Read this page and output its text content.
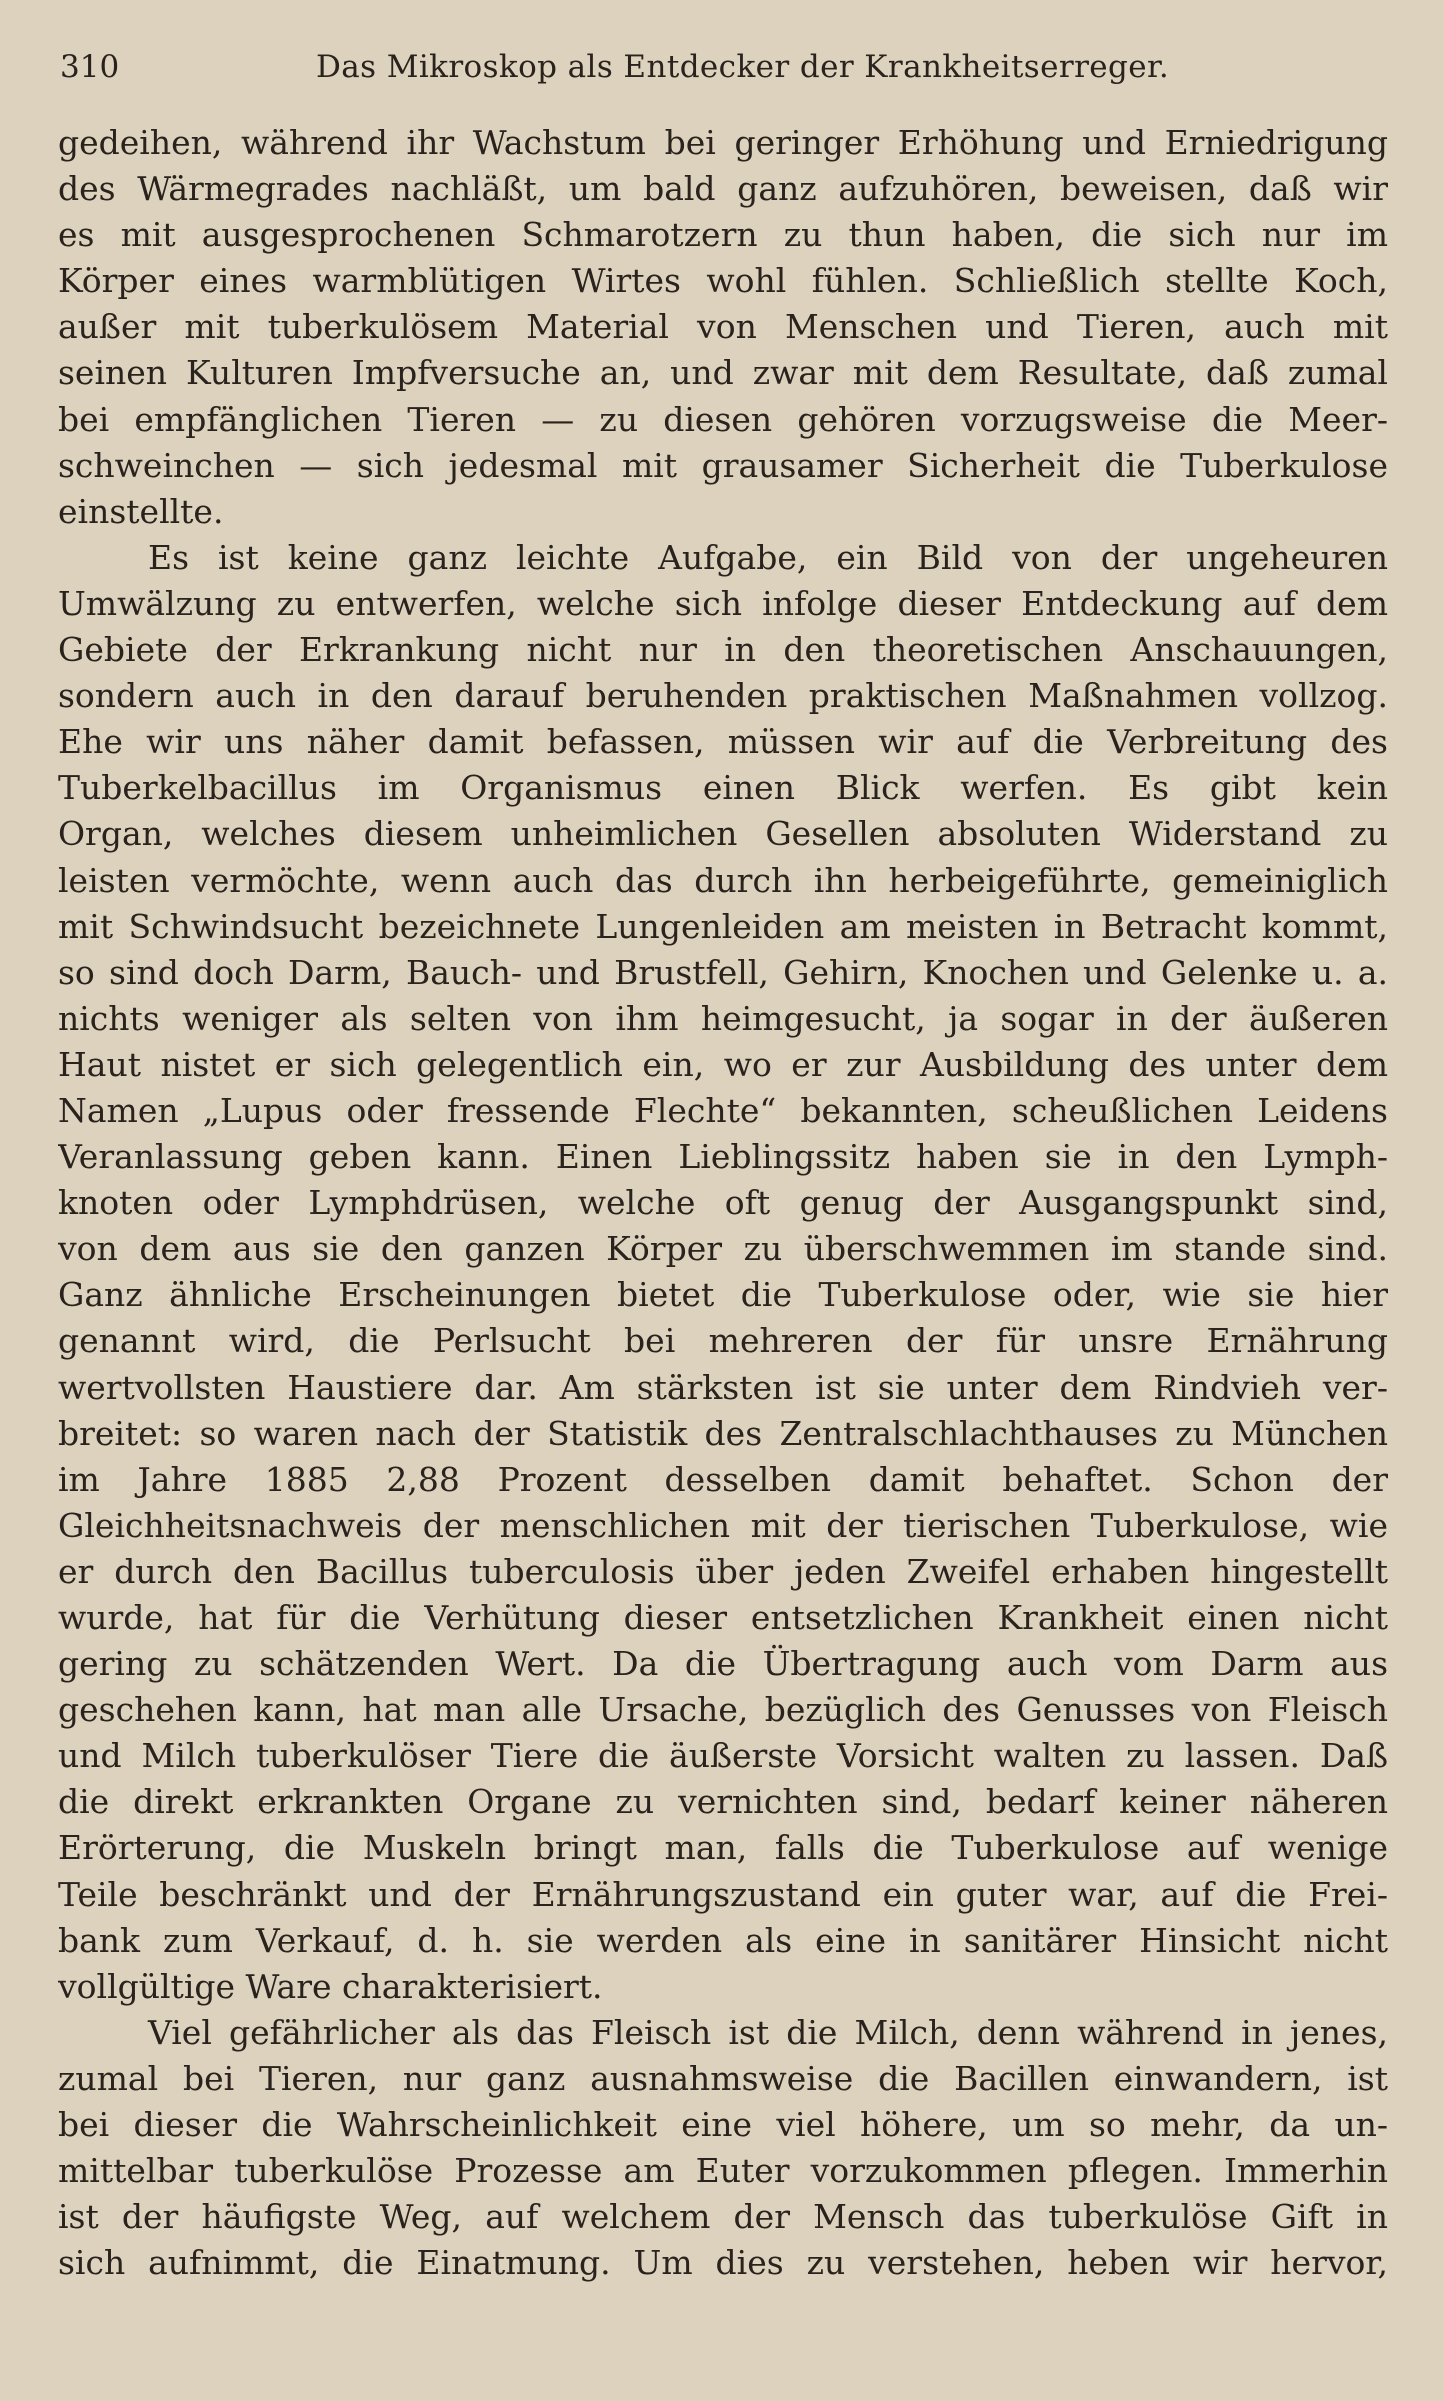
310	Das Mikroskop als Entdecker der Krankheitserreger.
gedeihen, während ihr Wachstum bei geringer Erhöhung und Erniedrigung
des Wärmegrades nachläßt, um bald ganz aufzuhören, beweisen, daß wir
es mit ausgesprochenen Schmarotzern zu thun haben, die sich nur im
Körper eines warmblütigen Wirtes wohl fühlen. Schließlich stellte Koch,
außer mit tuberkulösem Material von Menschen und Tieren, auch mit
seinen Kulturen Impfversuche an, und zwar mit dem Resultate, daß zumal
bei empfänglichen Tieren — zu diesen gehören vorzugsweise die Meer-
schweinchen — sich jedesmal mit grausamer Sicherheit die Tuberkulose
einstellte.
Es ist keine ganz leichte Aufgabe, ein Bild von der ungeheuren
Umwälzung zu entwerfen, welche sich infolge dieser Entdeckung auf dem
Gebiete der Erkrankung nicht nur in den theoretischen Anschauungen,
sondern auch in den darauf beruhenden praktischen Maßnahmen vollzog.
Ehe wir uns näher damit befassen, müssen wir auf die Verbreitung des
Tuberkelbacillus im Organismus einen Blick werfen. Es gibt kein
Organ, welches diesem unheimlichen Gesellen absoluten Widerstand zu
leisten vermöchte, wenn auch das durch ihn herbeigeführte, gemeiniglich
mit Schwindsucht bezeichnete Lungenleiden am meisten in Betracht kommt,
so sind doch Darm, Bauch- und Brustfell, Gehirn, Knochen und Gelenke u. a.
nichts weniger als selten von ihm heimgesucht, ja sogar in der äußeren
Haut nistet er sich gelegentlich ein, wo er zur Ausbildung des unter dem
Namen „Lupus oder fressende Flechte“ bekannten, scheußlichen Leidens
Veranlassung geben kann. Einen Lieblingssitz haben sie in den Lymph-
knoten oder Lymphdrüsen, welche oft genug der Ausgangspunkt sind,
von dem aus sie den ganzen Körper zu überschwemmen im stande sind.
Ganz ähnliche Erscheinungen bietet die Tuberkulose oder, wie sie hier
genannt wird, die Perlsucht bei mehreren der für unsre Ernährung
wertvollsten Haustiere dar. Am stärksten ist sie unter dem Rindvieh ver-
breitet: so waren nach der Statistik des Zentralschlachthauses zu München
im Jahre 1885 2,88 Prozent desselben damit behaftet. Schon der
Gleichheitsnachweis der menschlichen mit der tierischen Tuberkulose, wie
er durch den Bacillus tuberculosis über jeden Zweifel erhaben hingestellt
wurde, hat für die Verhütung dieser entsetzlichen Krankheit einen nicht
gering zu schätzenden Wert. Da die Übertragung auch vom Darm aus
geschehen kann, hat man alle Ursache, bezüglich des Genusses von Fleisch
und Milch tuberkulöser Tiere die äußerste Vorsicht walten zu lassen. Daß
die direkt erkrankten Organe zu vernichten sind, bedarf keiner näheren
Erörterung, die Muskeln bringt man, falls die Tuberkulose auf wenige
Teile beschränkt und der Ernährungszustand ein guter war, auf die Frei-
bank zum Verkauf, d. h. sie werden als eine in sanitärer Hinsicht nicht
vollgültige Ware charakterisiert.
Viel gefährlicher als das Fleisch ist die Milch, denn während in jenes,
zumal bei Tieren, nur ganz ausnahmsweise die Bacillen einwandern, ist
bei dieser die Wahrscheinlichkeit eine viel höhere, um so mehr, da un-
mittelbar tuberkulöse Prozesse am Euter vorzukommen pflegen. Immerhin
ist der häufigste Weg, auf welchem der Mensch das tuberkulöse Gift in
sich aufnimmt, die Einatmung. Um dies zu verstehen, heben wir hervor,
